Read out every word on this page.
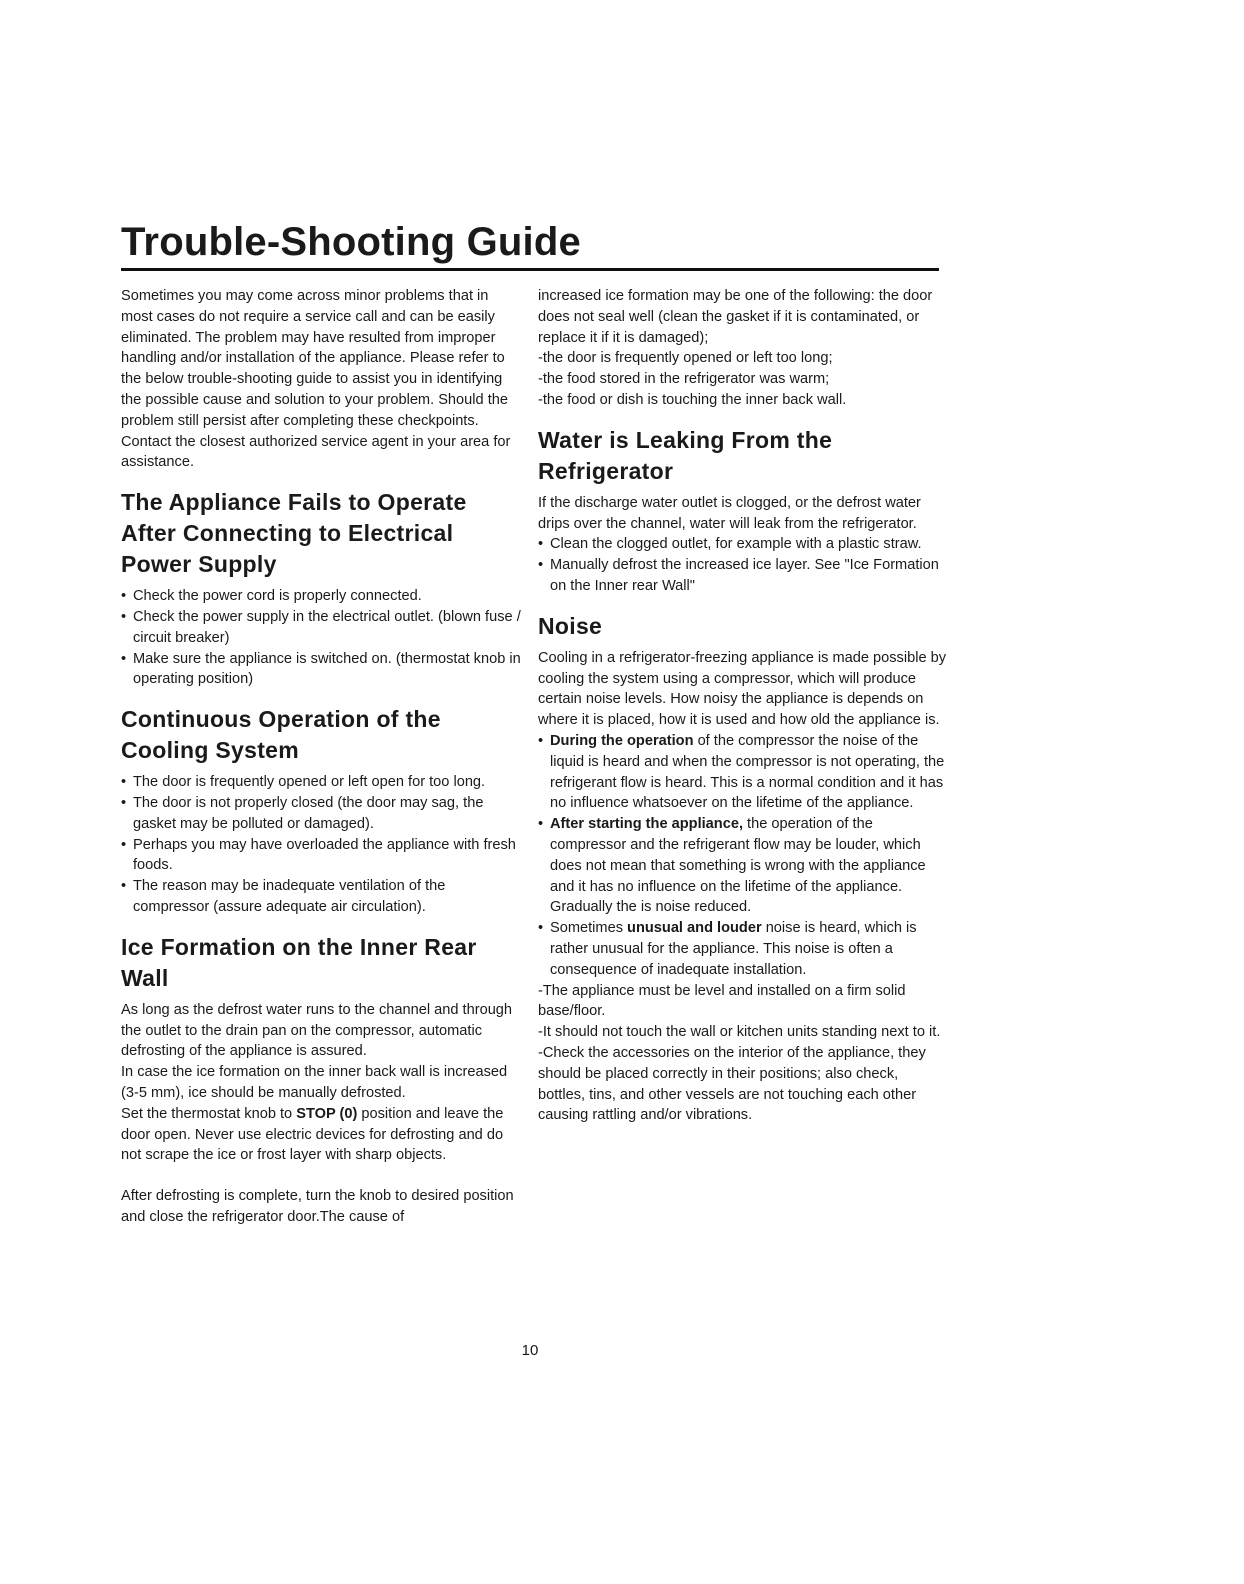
Trouble-Shooting Guide

Sometimes you may come across minor problems that in most cases do not require a service call and can be easily eliminated. The problem may have resulted from improper handling and/or installation of the appliance. Please refer to the below trouble-shooting guide to assist you in identifying the possible cause and solution to your problem. Should the problem still persist after completing these checkpoints. Contact the closest authorized service agent in your area for assistance.

The Appliance Fails to Operate After Connecting to Electrical Power Supply
• Check the power cord is properly connected.
• Check the power supply in the electrical outlet. (blown fuse / circuit breaker)
• Make sure the appliance is switched on. (thermostat knob in operating position)
Continuous Operation of the Cooling System
• The door is frequently opened or left open for too long.
• The door is not properly closed (the door may sag, the gasket may be polluted or damaged).
• Perhaps you may have overloaded the appliance with fresh foods.
• The reason may be inadequate ventilation of the compressor (assure adequate air circulation).
Ice Formation on the Inner Rear Wall

As long as the defrost water runs to the channel and through the outlet to the drain pan on the compressor, automatic defrosting of the appliance is assured.

In case the ice formation on the inner back wall is increased (3-5 mm), ice should be manually defrosted.

Set the thermostat knob to STOP (0) position and leave the door open. Never use electric devices for defrosting and do not scrape the ice or frost layer with sharp objects.

After defrosting is complete, turn the knob to desired position and close the refrigerator door.The cause of

increased ice formation may be one of the following: the door does not seal well (clean the gasket if it is contaminated, or replace it if it is damaged);

-the door is frequently opened or left too long;

-the food stored in the refrigerator was warm;

-the food or dish is touching the inner back wall.

Water is Leaking From the Refrigerator

If the discharge water outlet is clogged, or the defrost water drips over the channel, water will leak from the refrigerator.

• Clean the clogged outlet, for example with a plastic straw.
• Manually defrost the increased ice layer. See "Ice Formation on the Inner rear Wall"
Noise

Cooling in a refrigerator-freezing appliance is made possible by cooling the system using a compressor, which will produce certain noise levels. How noisy the appliance is depends on where it is placed, how it is used and how old the appliance is.

• During the operation of the compressor the noise of the liquid is heard and when the compressor is not operating, the refrigerant flow is heard. This is a normal condition and it has no influence whatsoever on the lifetime of the appliance.
• After starting the appliance, the operation of the compressor and the refrigerant flow may be louder, which does not mean that something is wrong with the appliance and it has no influence on the lifetime of the appliance. Gradually the is noise reduced.
• Sometimes unusual and louder noise is heard, which is rather unusual for the appliance. This noise is often a consequence of inadequate installation.

-The appliance must be level and installed on a firm solid base/floor.

-It should not touch the wall or kitchen units standing next to it.

-Check the accessories on the interior of the appliance, they should be placed correctly in their positions; also check, bottles, tins, and other vessels are not touching each other causing rattling and/or vibrations.

10
